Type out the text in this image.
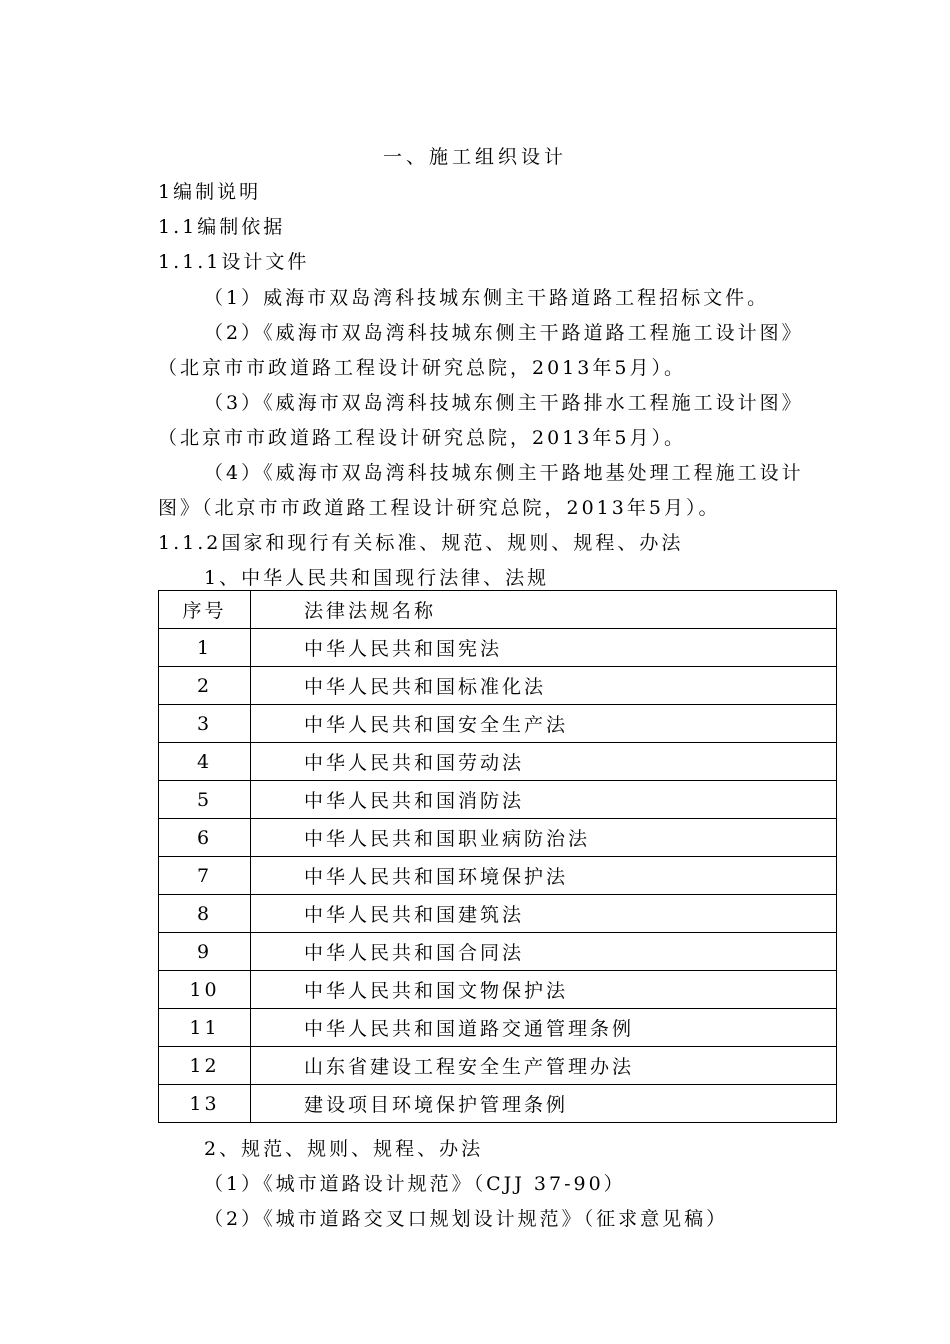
一、施工组织设计
1编制说明
1.1编制依据
1.1.1设计文件
（1）威海市双岛湾科技城东侧主干路道路工程招标文件。
（2）《威海市双岛湾科技城东侧主干路道路工程施工设计图》
（北京市市政道路工程设计研究总院，2013年5月）。
（3）《威海市双岛湾科技城东侧主干路排水工程施工设计图》
（北京市市政道路工程设计研究总院，2013年5月）。
（4）《威海市双岛湾科技城东侧主干路地基处理工程施工设计
图》（北京市市政道路工程设计研究总院，2013年5月）。
1.1.2国家和现行有关标准、规范、规则、规程、办法
1、中华人民共和国现行法律、法规
序号	法律法规名称
1	中华人民共和国宪法
2	中华人民共和国标准化法
3	中华人民共和国安全生产法
4	中华人民共和国劳动法
5	中华人民共和国消防法
6	中华人民共和国职业病防治法
7	中华人民共和国环境保护法
8	中华人民共和国建筑法
9	中华人民共和国合同法
10	中华人民共和国文物保护法
11	中华人民共和国道路交通管理条例
12	山东省建设工程安全生产管理办法
13	建设项目环境保护管理条例
2、规范、规则、规程、办法
（1）《城市道路设计规范》（CJJ 37-90）
（2）《城市道路交叉口规划设计规范》（征求意见稿）
